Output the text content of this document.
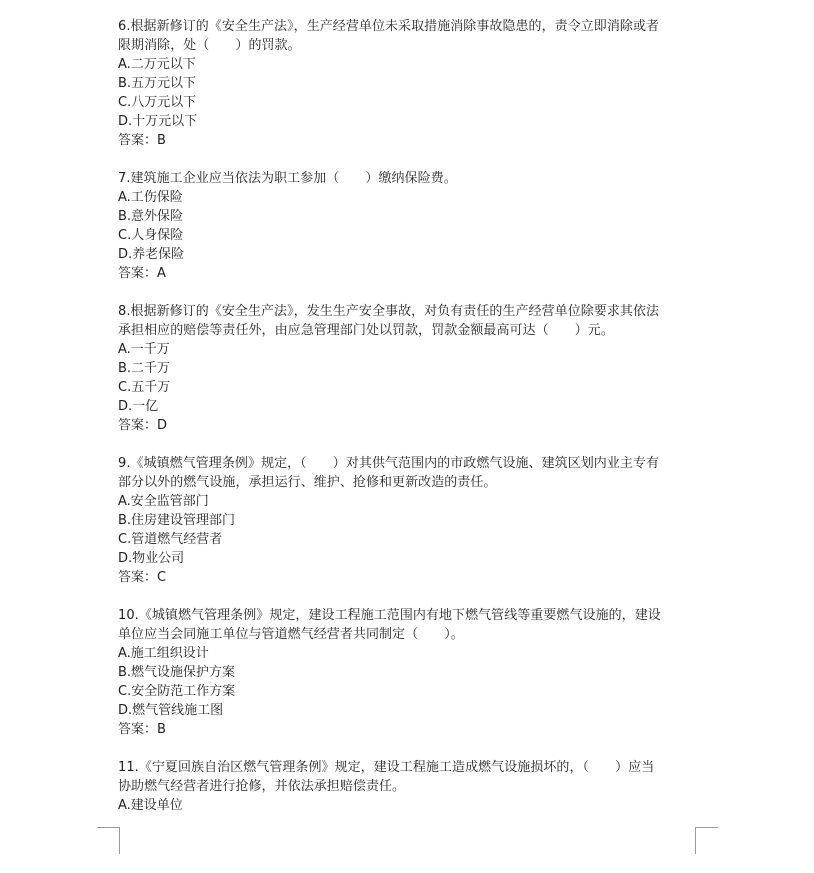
6.根据新修订的《安全生产法》，生产经营单位未采取措施消除事故隐患的，责令立即消除或者
限期消除，处（　　）的罚款。
A.二万元以下
B.五万元以下
C.八万元以下
D.十万元以下
答案：B
7.建筑施工企业应当依法为职工参加（　　）缴纳保险费。
A.工伤保险
B.意外保险
C.人身保险
D.养老保险
答案：A
8.根据新修订的《安全生产法》，发生生产安全事故，对负有责任的生产经营单位除要求其依法
承担相应的赔偿等责任外，由应急管理部门处以罚款，罚款金额最高可达（　　）元。
A.一千万
B.二千万
C.五千万
D.一亿
答案：D
9.《城镇燃气管理条例》规定，（　　）对其供气范围内的市政燃气设施、建筑区划内业主专有
部分以外的燃气设施，承担运行、维护、抢修和更新改造的责任。
A.安全监管部门
B.住房建设管理部门
C.管道燃气经营者
D.物业公司
答案：C
10.《城镇燃气管理条例》规定，建设工程施工范围内有地下燃气管线等重要燃气设施的，建设
单位应当会同施工单位与管道燃气经营者共同制定（　　）。
A.施工组织设计
B.燃气设施保护方案
C.安全防范工作方案
D.燃气管线施工图
答案：B
11.《宁夏回族自治区燃气管理条例》规定，建设工程施工造成燃气设施损坏的，（　　）应当
协助燃气经营者进行抢修，并依法承担赔偿责任。
A.建设单位
